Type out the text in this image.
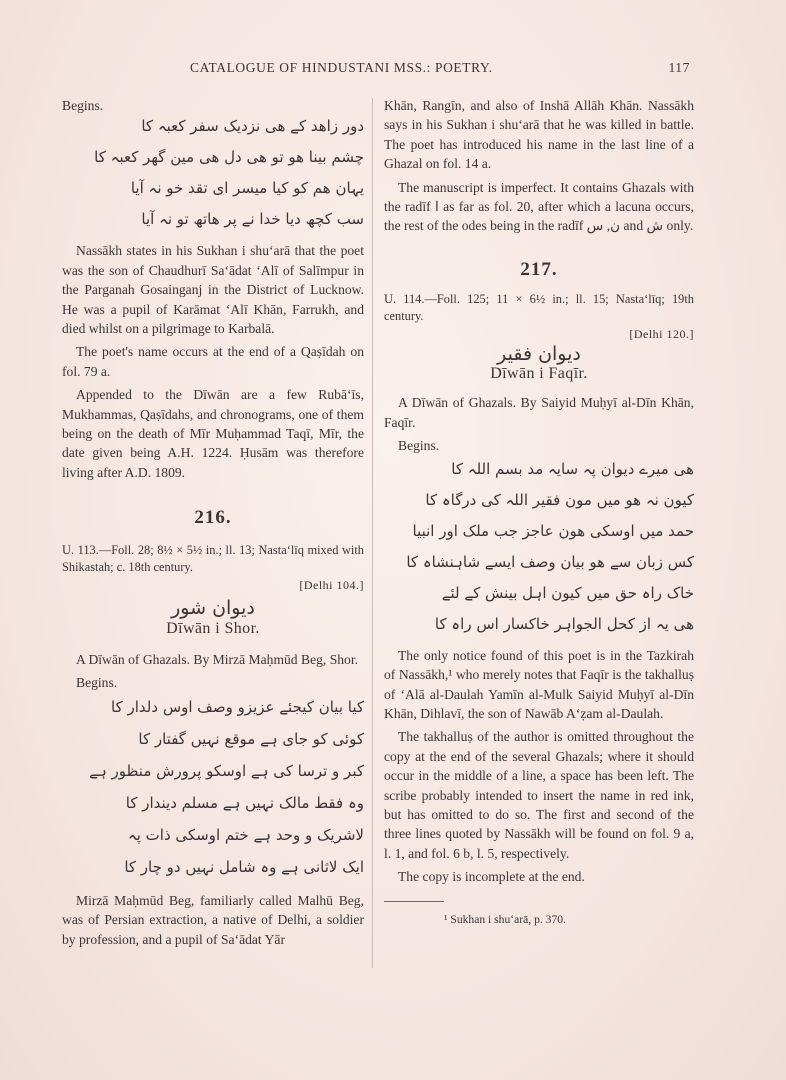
CATALOGUE OF HINDUSTANI MSS.: POETRY.	117

Begins.

دور زاھد کے ھی نزدیک سفر کعبہ کا
چشم بینا ھو تو ھی دل ھی مین گھر کعبہ کا
یہان ھم کو کیا میسر ای تقد خو نہ آیا
سب کچھ دیا خدا نے پر ھاتھ تو نہ آیا

Nassākh states in his Sukhan i shuʻarā that the poet was the son of Chaudhurī Saʻādat ʻAlī of Salīmpur in the Parganah Gosainganj in the District of Lucknow. He was a pupil of Karāmat ʻAlī Khān, Farrukh, and died whilst on a pilgrimage to Karbalā.

The poet's name occurs at the end of a Qaṣīdah on fol. 79 a.

Appended to the Dīwān are a few Rubāʻīs, Mukhammas, Qaṣīdahs, and chronograms, one of them being on the death of Mīr Muḥammad Taqī, Mīr, the date given being A.H. 1224. Ḥusām was therefore living after A.D. 1809.

216.

U. 113.—Foll. 28; 8½ × 5½ in.; ll. 13; Nastaʻlīq mixed with Shikastah; c. 18th century.

[Delhi 104.]
دیوان شور
Dīwān i Shor.

A Dīwān of Ghazals. By Mirzā Maḥmūd Beg, Shor.

Begins.

کیا بیان کیجئے عزیزو وصف اوس دلدار کا
کوئی کو جای ہے موقع نہیں گفتار کا
کبر و ترسا کی ہے اوسکو پرورش منظور ہے
وہ فقط مالک نہیں ہے مسلم دیندار کا
لاشریک و وحد ہے ختم اوسکی ذات پہ
ایک لاثانی ہے وہ شامل نہیں دو چار کا

Mirzā Maḥmūd Beg, familiarly called Malhū Beg, was of Persian extraction, a native of Delhi, a soldier by profession, and a pupil of Saʻādat Yār

Khān, Rangīn, and also of Inshā Allāh Khān. Nassākh says in his Sukhan i shuʻarā that he was killed in battle. The poet has introduced his name in the last line of a Ghazal on fol. 14 a.

The manuscript is imperfect. It contains Ghazals with the radīf ا as far as fol. 20, after which a lacuna occurs, the rest of the odes being in the radīf ن, س and ش only.

217.

U. 114.—Foll. 125; 11 × 6½ in.; ll. 15; Nastaʻlīq; 19th century.

[Delhi 120.]
دیوان فقیر
Dīwān i Faqīr.

A Dīwān of Ghazals. By Saiyid Muḥyī al-Dīn Khān, Faqīr.

Begins.

ھی میرے دیوان پہ سایہ مد بسم اللہ کا
کیون نہ ھو میں مون فقیر اللہ کی درگاہ کا
حمد میں اوسکی ھون عاجز جب ملک اور انبیا
کس زبان سے ھو بیان وصف ایسے شاہنشاہ کا
خاک راہ حق میں کیون اہل بینش کے لئے
ھی یہ از کحل الجواہر خاکسار اس راہ کا

The only notice found of this poet is in the Tazkirah of Nassākh,¹ who merely notes that Faqīr is the takhalluṣ of ʻAlā al-Daulah Yamīn al-Mulk Saiyid Muḥyī al-Dīn Khān, Dihlavī, the son of Nawāb Aʻẓam al-Daulah.

The takhalluṣ of the author is omitted throughout the copy at the end of the several Ghazals; where it should occur in the middle of a line, a space has been left. The scribe probably intended to insert the name in red ink, but has omitted to do so. The first and second of the three lines quoted by Nassākh will be found on fol. 9 a, l. 1, and fol. 6 b, l. 5, respectively.

The copy is incomplete at the end.

¹ Sukhan i shuʻarā, p. 370.
